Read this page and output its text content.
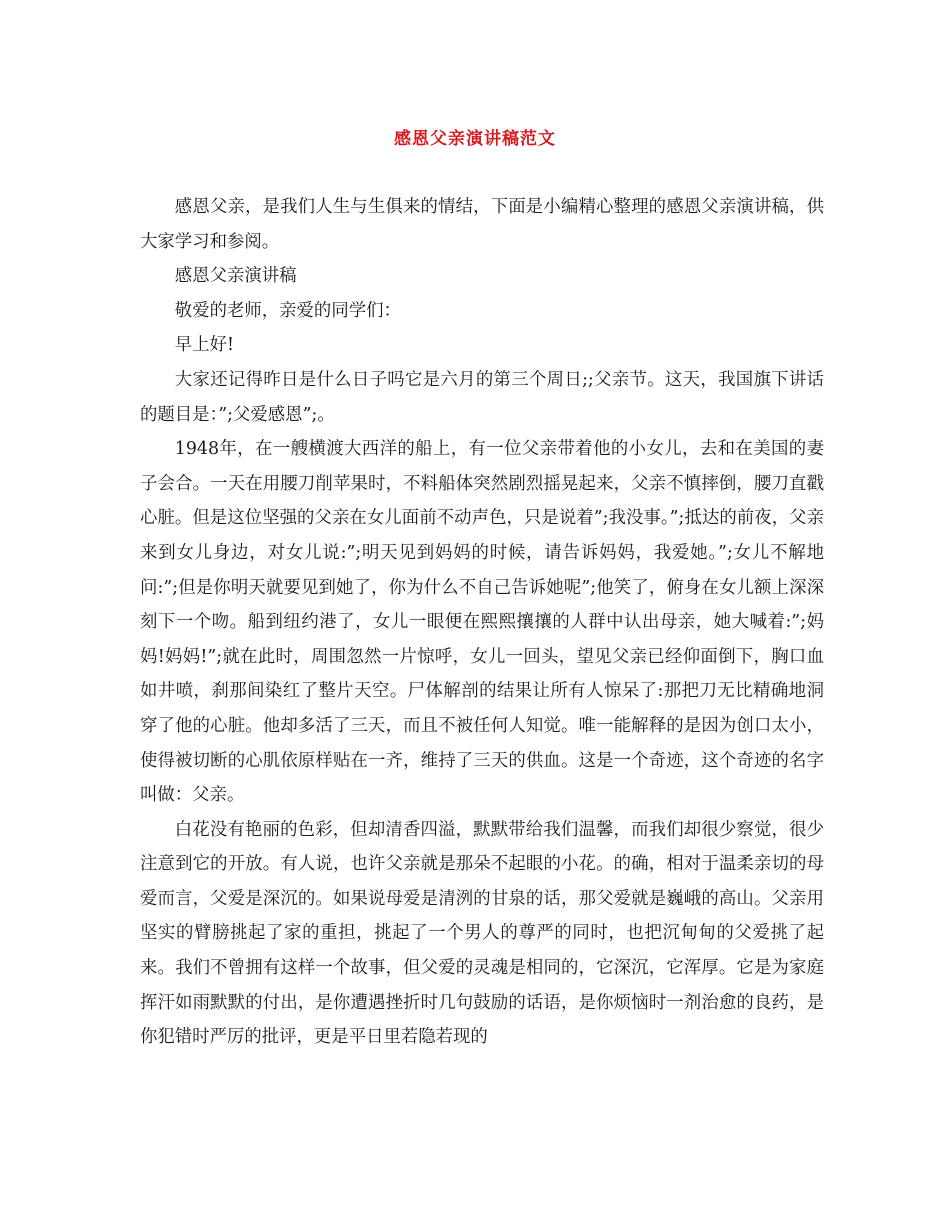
感恩父亲演讲稿范文

感恩父亲，是我们人生与生俱来的情结，下面是小编精心整理的感恩父亲演讲稿，供大家学习和参阅。

感恩父亲演讲稿

敬爱的老师，亲爱的同学们：

早上好!

大家还记得昨日是什么日子吗它是六月的第三个周日;;父亲节。这天，我国旗下讲话的题目是：”;父爱感恩”;。

1948年，在一艘横渡大西洋的船上，有一位父亲带着他的小女儿，去和在美国的妻子会合。一天在用腰刀削苹果时，不料船体突然剧烈摇晃起来，父亲不慎摔倒，腰刀直戳心脏。但是这位坚强的父亲在女儿面前不动声色，只是说着”;我没事。”;抵达的前夜，父亲来到女儿身边，对女儿说:”;明天见到妈妈的时候，请告诉妈妈，我爱她。”;女儿不解地问:”;但是你明天就要见到她了，你为什么不自己告诉她呢”;他笑了，俯身在女儿额上深深刻下一个吻。船到纽约港了，女儿一眼便在熙熙攘攘的人群中认出母亲，她大喊着:”;妈妈!妈妈!”;就在此时，周围忽然一片惊呼，女儿一回头，望见父亲已经仰面倒下，胸口血如井喷，刹那间染红了整片天空。尸体解剖的结果让所有人惊呆了:那把刀无比精确地洞穿了他的心脏。他却多活了三天，而且不被任何人知觉。唯一能解释的是因为创口太小，使得被切断的心肌依原样贴在一齐，维持了三天的供血。这是一个奇迹，这个奇迹的名字叫做：父亲。

白花没有艳丽的色彩，但却清香四溢，默默带给我们温馨，而我们却很少察觉，很少注意到它的开放。有人说，也许父亲就是那朵不起眼的小花。的确，相对于温柔亲切的母爱而言，父爱是深沉的。如果说母爱是清洌的甘泉的话，那父爱就是巍峨的高山。父亲用坚实的臂膀挑起了家的重担，挑起了一个男人的尊严的同时，也把沉甸甸的父爱挑了起来。我们不曾拥有这样一个故事，但父爱的灵魂是相同的，它深沉，它浑厚。它是为家庭挥汗如雨默默的付出，是你遭遇挫折时几句鼓励的话语，是你烦恼时一剂治愈的良药，是你犯错时严厉的批评，更是平日里若隐若现的
